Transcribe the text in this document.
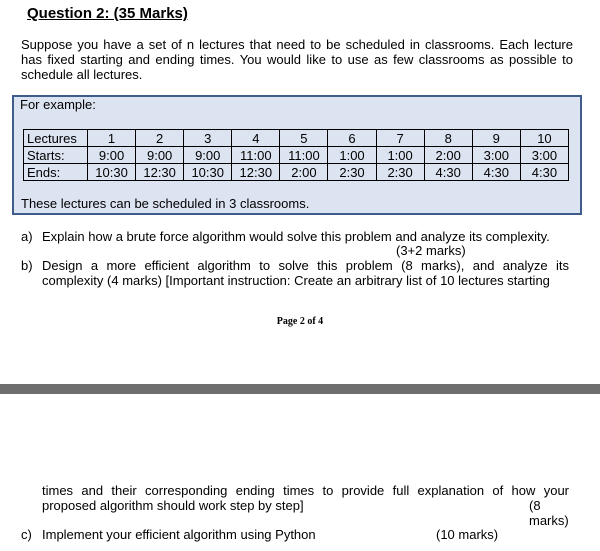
Question 2: (35 Marks)
Suppose you have a set of n lectures that need to be scheduled in classrooms. Each lecture has fixed starting and ending times. You would like to use as few classrooms as possible to schedule all lectures.
For example:
Lectures	1	2	3	4	5	6	7	8	9	10
Starts:	9:00	9:00	9:00	11:00	11:00	1:00	1:00	2:00	3:00	3:00
Ends:	10:30	12:30	10:30	12:30	2:00	2:30	2:30	4:30	4:30	4:30
These lectures can be scheduled in 3 classrooms.
a) Explain how a brute force algorithm would solve this problem and analyze its complexity.
(3+2 marks)
b) Design a more efficient algorithm to solve this problem (8 marks), and analyze its complexity (4 marks) [Important instruction: Create an arbitrary list of 10 lectures starting
Page 2 of 4
times and their corresponding ending times to provide full explanation of how your proposed algorithm should work step by step]	(8 marks)
c) Implement your efficient algorithm using Python	(10 marks)
